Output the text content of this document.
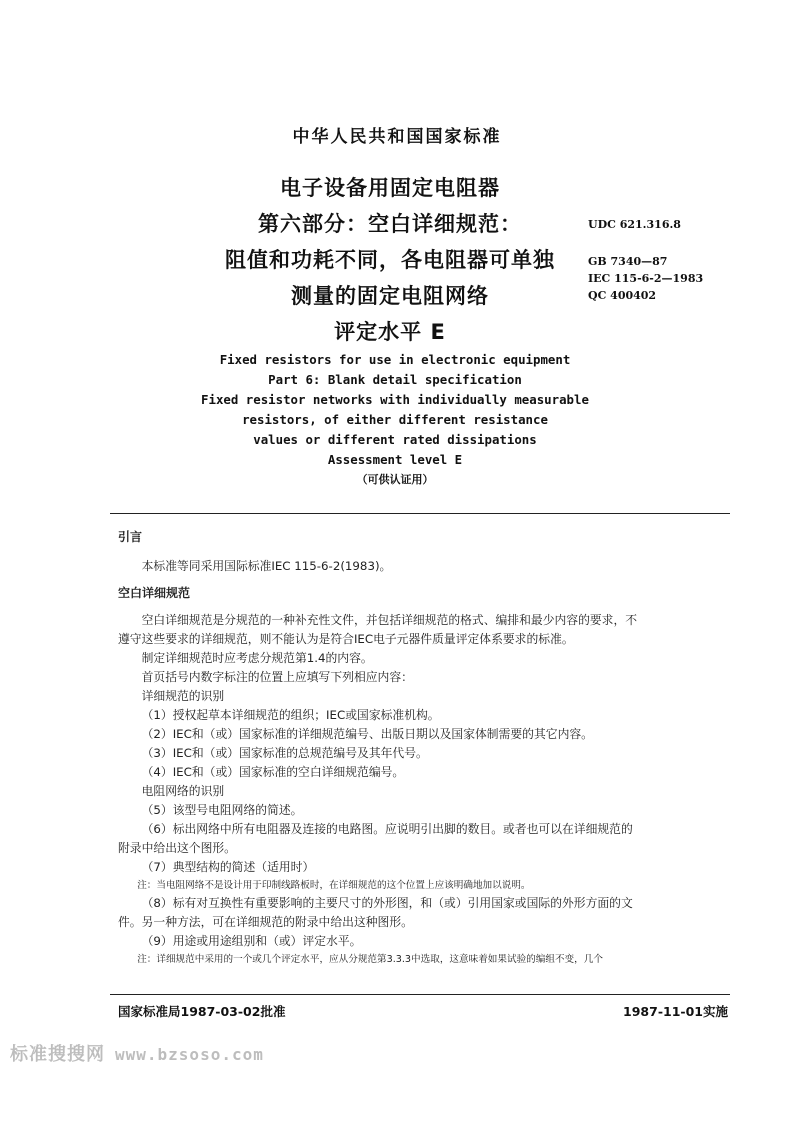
中华人民共和国国家标准
电子设备用固定电阻器
第六部分：空白详细规范：
阻值和功耗不同，各电阻器可单独
测量的固定电阻网络
评定水平 E
UDC 621.316.8
GB 7340—87
IEC 115-6-2—1983
QC 400402
Fixed resistors for use in electronic equipment
Part 6: Blank detail specification
Fixed resistor networks with individually measurable
resistors, of either different resistance
values or different rated dissipations
Assessment level E
（可供认证用）

引言

本标准等同采用国际标准IEC 115-6-2(1983)。

空白详细规范

空白详细规范是分规范的一种补充性文件，并包括详细规范的格式、编排和最少内容的要求，不

遵守这些要求的详细规范，则不能认为是符合IEC电子元器件质量评定体系要求的标准。

制定详细规范时应考虑分规范第1.4的内容。

首页括号内数字标注的位置上应填写下列相应内容：

详细规范的识别

（1）授权起草本详细规范的组织；IEC或国家标准机构。

（2）IEC和（或）国家标准的详细规范编号、出版日期以及国家体制需要的其它内容。

（3）IEC和（或）国家标准的总规范编号及其年代号。

（4）IEC和（或）国家标准的空白详细规范编号。

电阻网络的识别

（5）该型号电阻网络的简述。

（6）标出网络中所有电阻器及连接的电路图。应说明引出脚的数目。或者也可以在详细规范的

附录中给出这个图形。

（7）典型结构的简述（适用时）

注：当电阻网络不是设计用于印制线路板时，在详细规范的这个位置上应该明确地加以说明。

（8）标有对互换性有重要影响的主要尺寸的外形图，和（或）引用国家或国际的外形方面的文

件。另一种方法，可在详细规范的附录中给出这种图形。

（9）用途或用途组别和（或）评定水平。

注：详细规范中采用的一个或几个评定水平，应从分规范第3.3.3中选取，这意味着如果试验的编组不变，几个

国家标准局1987-03-02批准	1987-11-01实施
标准搜搜网 www.bzsoso.com
